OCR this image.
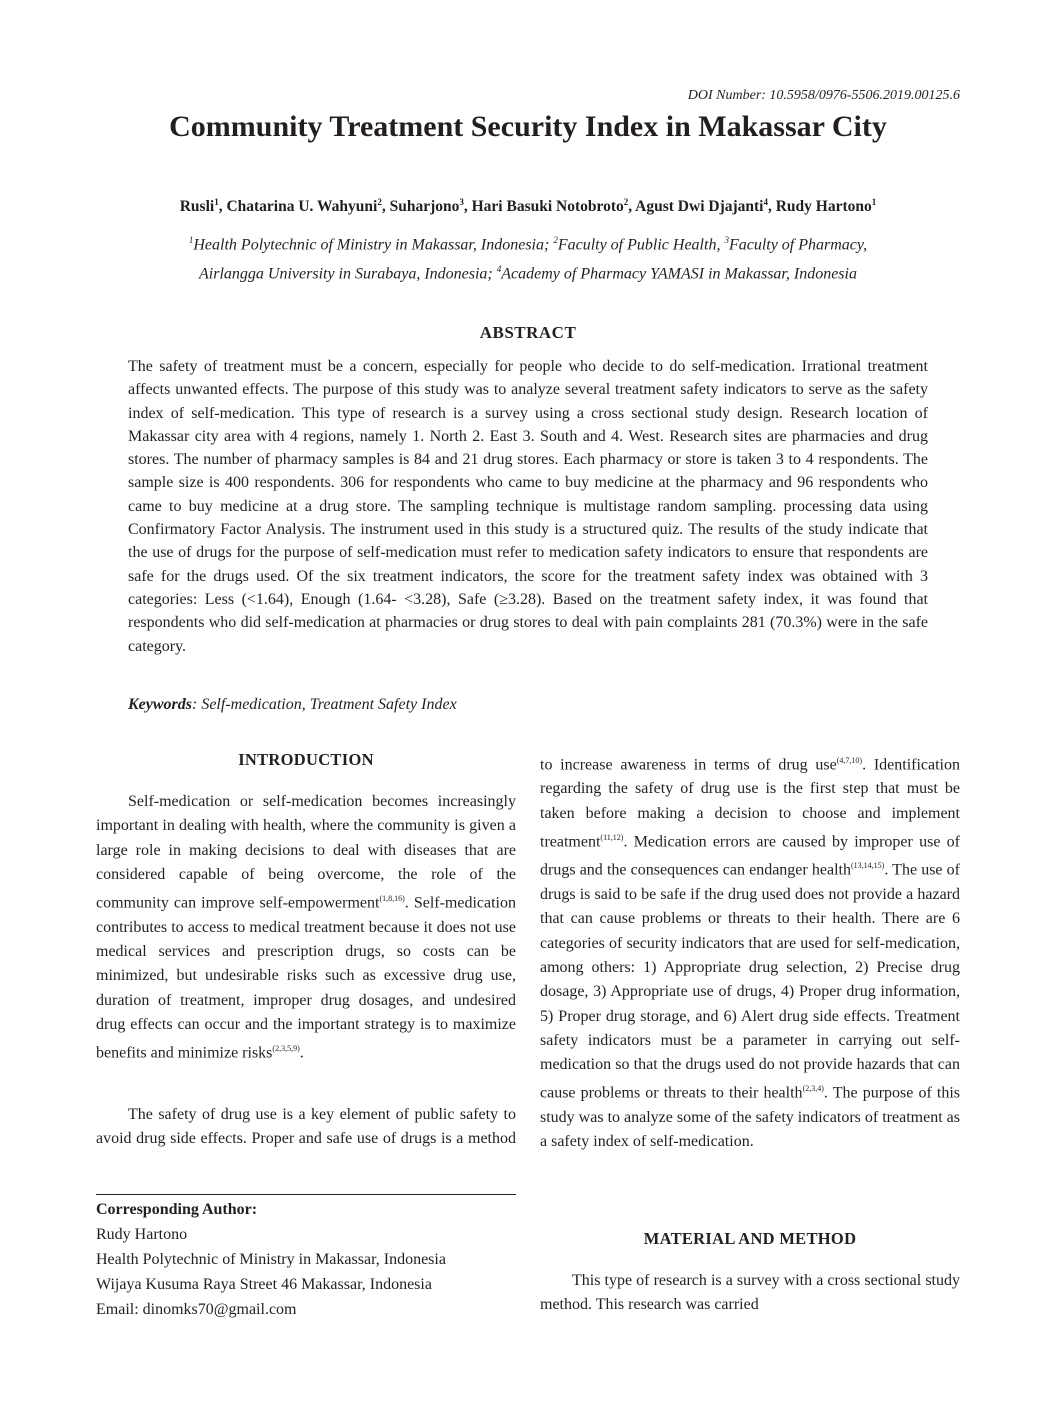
DOI Number: 10.5958/0976-5506.2019.00125.6
Community Treatment Security Index in Makassar City
Rusli$^1$, Chatarina U. Wahyuni$^2$, Suharjono$^3$, Hari Basuki Notobroto$^2$, Agust Dwi Djajanti$^4$, Rudy Hartono$^1$
$^1$Health Polytechnic of Ministry in Makassar, Indonesia; $^2$Faculty of Public Health, $^3$Faculty of Pharmacy,
Airlangga University in Surabaya, Indonesia; $^4$Academy of Pharmacy YAMASI in Makassar, Indonesia
ABSTRACT

The safety of treatment must be a concern, especially for people who decide to do self-medication. Irrational treatment affects unwanted effects. The purpose of this study was to analyze several treatment safety indicators to serve as the safety index of self-medication. This type of research is a survey using a cross sectional study design. Research location of Makassar city area with 4 regions, namely 1. North 2. East 3. South and 4. West. Research sites are pharmacies and drug stores. The number of pharmacy samples is 84 and 21 drug stores. Each pharmacy or store is taken 3 to 4 respondents. The sample size is 400 respondents. 306 for respondents who came to buy medicine at the pharmacy and 96 respondents who came to buy medicine at a drug store. The sampling technique is multistage random sampling. processing data using Confirmatory Factor Analysis. The instrument used in this study is a structured quiz. The results of the study indicate that the use of drugs for the purpose of self-medication must refer to medication safety indicators to ensure that respondents are safe for the drugs used. Of the six treatment indicators, the score for the treatment safety index was obtained with 3 categories: Less (<1.64), Enough (1.64- <3.28), Safe (≥3.28). Based on the treatment safety index, it was found that respondents who did self-medication at pharmacies or drug stores to deal with pain complaints 281 (70.3%) were in the safe category.

Keywords: Self-medication, Treatment Safety Index
INTRODUCTION

Self-medication or self-medication becomes increasingly important in dealing with health, where the community is given a large role in making decisions to deal with diseases that are considered capable of being overcome, the role of the community can improve self-empowerment$^{(1,8,16)}$. Self-medication contributes to access to medical treatment because it does not use medical services and prescription drugs, so costs can be minimized, but undesirable risks such as excessive drug use, duration of treatment, improper drug dosages, and undesired drug effects can occur and the important strategy is to maximize benefits and minimize risks$^{(2,3,5,9)}$.

The safety of drug use is a key element of public safety to avoid drug side effects. Proper and safe use of drugs is a method

to increase awareness in terms of drug use$^{(4,7,10)}$. Identification regarding the safety of drug use is the first step that must be taken before making a decision to choose and implement treatment$^{(11,12)}$. Medication errors are caused by improper use of drugs and the consequences can endanger health$^{(13,14,15)}$. The use of drugs is said to be safe if the drug used does not provide a hazard that can cause problems or threats to their health. There are 6 categories of security indicators that are used for self-medication, among others: 1) Appropriate drug selection, 2) Precise drug dosage, 3) Appropriate use of drugs, 4) Proper drug information, 5) Proper drug storage, and 6) Alert drug side effects. Treatment safety indicators must be a parameter in carrying out self-medication so that the drugs used do not provide hazards that can cause problems or threats to their health$^{(2,3,4)}$. The purpose of this study was to analyze some of the safety indicators of treatment as a safety index of self-medication.

MATERIAL AND METHOD

This type of research is a survey with a cross sectional study method. This research was carried

Corresponding Author:
Rudy Hartono
Health Polytechnic of Ministry in Makassar, Indonesia
Wijaya Kusuma Raya Street 46 Makassar, Indonesia
Email: dinomks70@gmail.com
